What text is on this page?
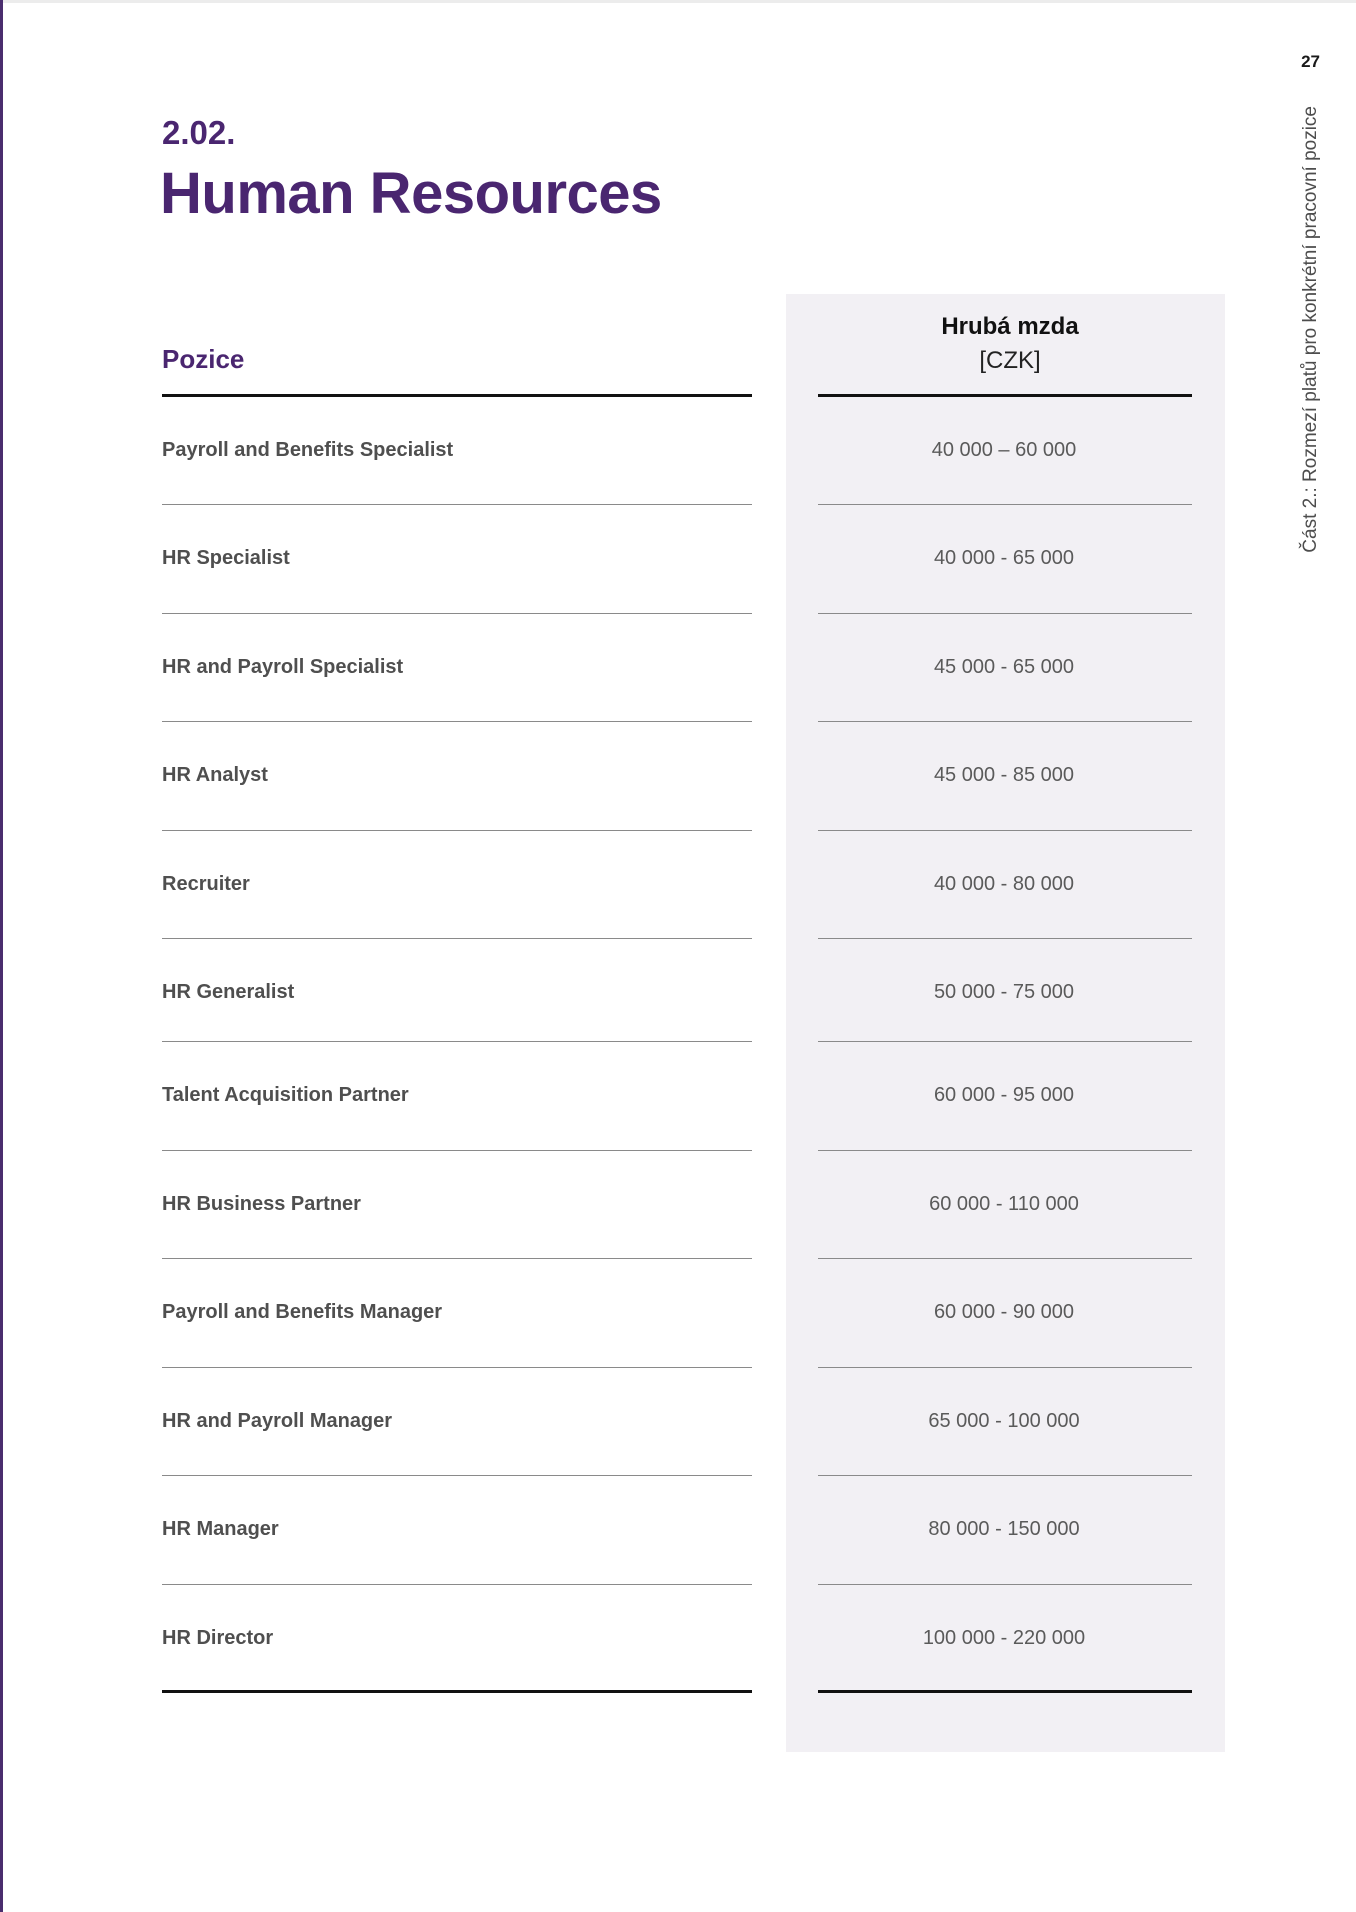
27
Část 2.: Rozmezí platů pro konkrétní pracovní pozice
2.02.
Human Resources
Pozice
Hrubá mzda
[CZK]
Payroll and Benefits Specialist	40 000 – 60 000
HR Specialist	40 000 - 65 000
HR and Payroll Specialist	45 000 - 65 000
HR Analyst	45 000 - 85 000
Recruiter	40 000 - 80 000
HR Generalist	50 000 - 75 000
Talent Acquisition Partner	60 000 - 95 000
HR Business Partner	60 000 - 110 000
Payroll and Benefits Manager	60 000 - 90 000
HR and Payroll Manager	65 000 - 100 000
HR Manager	80 000 - 150 000
HR Director	100 000 - 220 000
